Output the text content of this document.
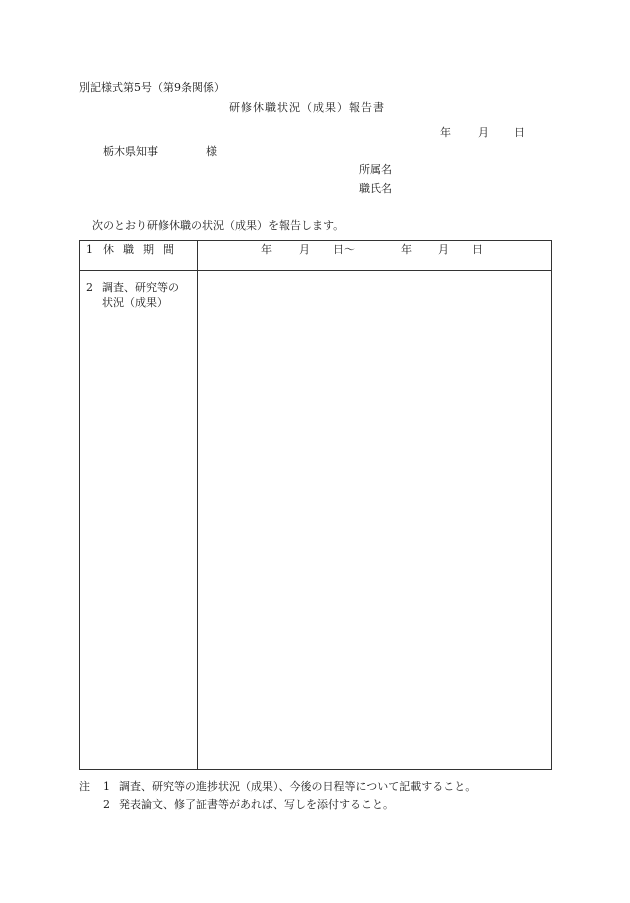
別記様式第5号（第9条関係）
研修休職状況（成果）報告書
年 月 日
栃木県知事	様
所属名
職氏名
次のとおり研修休職の状況（成果）を報告します。
1 休職期間	年 月 日～ 年 月 日

2 調査、研究等の
状況（成果）	

注 1 調査、研究等の進捗状況（成果）、今後の日程等について記載すること。
2 発表論文、修了証書等があれば、写しを添付すること。
